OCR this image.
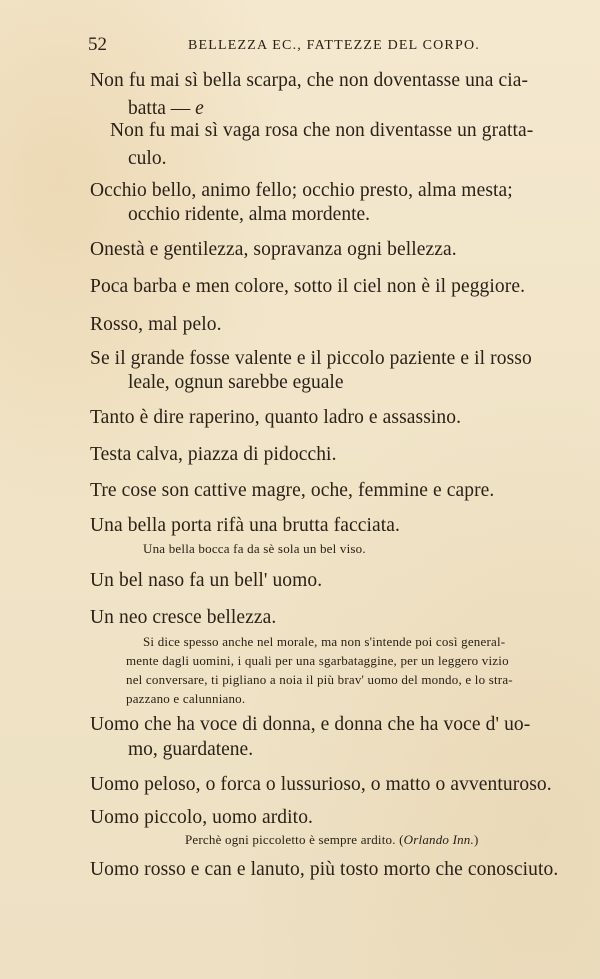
52	BELLEZZA EC., FATTEZZE DEL CORPO.
Non fu mai sì bella scarpa, che non doventasse una cia-
batta — e
Non fu mai sì vaga rosa che non diventasse un gratta-
culo.
Occhio bello, animo fello; occhio presto, alma mesta;
occhio ridente, alma mordente.
Onestà e gentilezza, sopravanza ogni bellezza.
Poca barba e men colore, sotto il ciel non è il peggiore.
Rosso, mal pelo.
Se il grande fosse valente e il piccolo paziente e il rosso
leale, ognun sarebbe eguale
Tanto è dire raperino, quanto ladro e assassino.
Testa calva, piazza di pidocchi.
Tre cose son cattive magre, oche, femmine e capre.
Una bella porta rifà una brutta facciata.
Una bella bocca fa da sè sola un bel viso.
Un bel naso fa un bell' uomo.
Un neo cresce bellezza.
Si dice spesso anche nel morale, ma non s'intende poi così general-
mente dagli uomini, i quali per una sgarbataggine, per un leggero vizio
nel conversare, ti pigliano a noia il più brav' uomo del mondo, e lo stra-
pazzano e calunniano.
Uomo che ha voce di donna, e donna che ha voce d' uo-
mo, guardatene.
Uomo peloso, o forca o lussurioso, o matto o avventuroso.
Uomo piccolo, uomo ardito.
Perchè ogni piccoletto è sempre ardito. (Orlando Inn.)
Uomo rosso e can e lanuto, più tosto morto che conosciuto.
